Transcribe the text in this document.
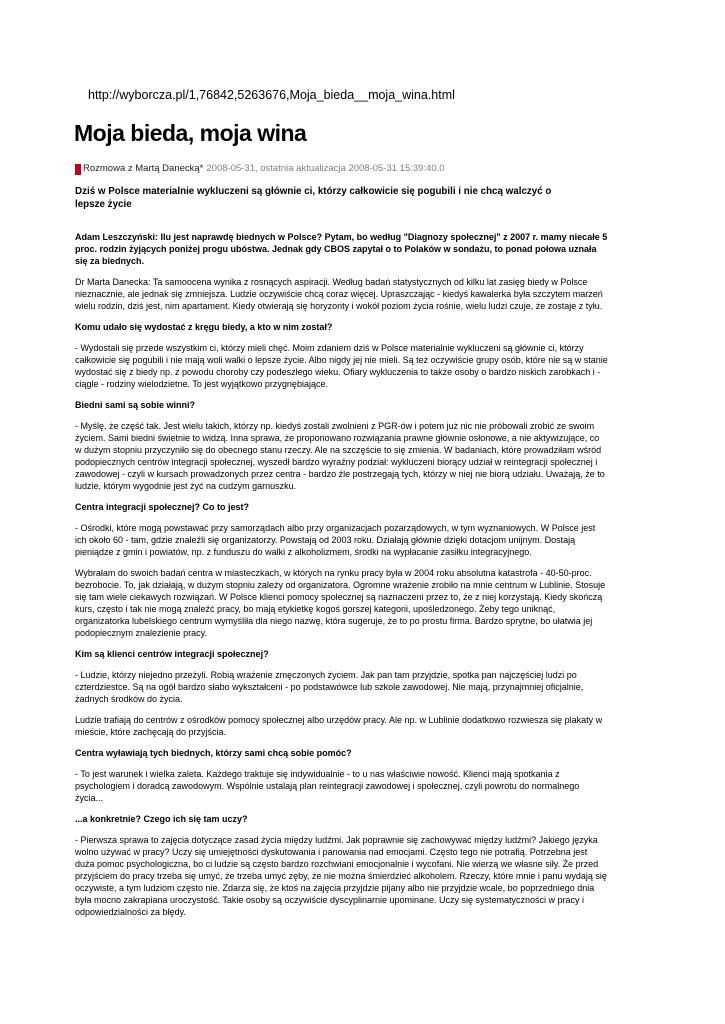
http://wyborcza.pl/1,76842,5263676,Moja_bieda__moja_wina.html
Moja bieda, moja wina
Rozmowa z Martą Danecką* 2008-05-31, ostatnia aktualizacja 2008-05-31 15:39:40.0

Dziś w Polsce materialnie wykluczeni są głównie ci, którzy całkowicie się pogubili i nie chcą walczyć o
lepsze życie

Adam Leszczyński: Ilu jest naprawdę biednych w Polsce? Pytam, bo według "Diagnozy społecznej" z 2007 r. mamy niecałe 5
proc. rodzin żyjących poniżej progu ubóstwa. Jednak gdy CBOS zapytał o to Polaków w sondażu, to ponad połowa uznała
się za biednych.

Dr Marta Danecka: Ta samoocena wynika z rosnących aspiracji. Według badań statystycznych od kilku lat zasięg biedy w Polsce
nieznacznie, ale jednak się zmniejsza. Ludzie oczywiście chcą coraz więcej. Upraszczając - kiedyś kawalerka była szczytem marzeń
wielu rodzin, dziś jest, nim apartament. Kiedy otwierają się horyzonty i wokół poziom życia rośnie, wielu ludzi czuje, że zostaje z tyłu.

Komu udało się wydostać z kręgu biedy, a kto w nim został?

- Wydostali się przede wszystkim ci, którzy mieli chęć. Moim zdaniem dziś w Polsce materialnie wykluczeni są głównie ci, którzy
całkowicie się pogubili i nie mają woli walki o lepsze życie. Albo nigdy jej nie mieli. Są też oczywiście grupy osób, które nie są w stanie
wydostać się z biedy np. z powodu choroby czy podeszłego wieku. Ofiary wykluczenia to także osoby o bardzo niskich zarobkach i -
ciągle - rodziny wielodzietne. To jest wyjątkowo przygnębiające.

Biedni sami są sobie winni?

- Myślę, że część tak. Jest wielu takich, którzy np. kiedyś zostali zwolnieni z PGR-ów i potem już nic nie próbowali zrobić ze swoim
życiem. Sami biedni świetnie to widzą. Inna sprawa, że proponowano rozwiązania prawne głównie osłonowe, a nie aktywizujące, co
w dużym stopniu przyczyniło się do obecnego stanu rzeczy. Ale na szczęście to się zmienia. W badaniach, które prowadziłam wśród
podopiecznych centrów integracji społecznej, wyszedł bardzo wyraźny podział: wykluczeni biorący udział w reintegracji społecznej i
zawodowej - czyli w kursach prowadzonych przez centra - bardzo źle postrzegają tych, którzy w niej nie biorą udziału. Uważają, że to
ludzie, którym wygodnie jest żyć na cudzym garnuszku.

Centra integracji społecznej? Co to jest?

- Ośrodki, które mogą powstawać przy samorządach albo przy organizacjach pozarządowych, w tym wyznaniowych. W Polsce jest
ich około 60 - tam, gdzie znaleźli się organizatorzy. Powstają od 2003 roku. Działają głównie dzięki dotacjom unijnym. Dostają
pieniądze z gmin i powiatów, np. z funduszu do walki z alkoholizmem, środki na wypłacanie zasiłku integracyjnego.

Wybrałam do swoich badań centra w miasteczkach, w których na rynku pracy była w 2004 roku absolutna katastrofa - 40-50-proc.
bezrobocie. To, jak działają, w dużym stopniu zależy od organizatora. Ogromne wrażenie zrobiło na mnie centrum w Lublinie. Stosuje
się tam wiele ciekawych rozwiązań. W Polsce klienci pomocy społecznej są naznaczeni przez to, że z niej korzystają. Kiedy skończą
kurs, często i tak nie mogą znaleźć pracy, bo mają etykietkę kogoś gorszej kategorii, upośledzonego. Żeby tego uniknąć,
organizatorka lubelskiego centrum wymyśliła dla niego nazwę, która sugeruje, że to po prostu firma. Bardzo sprytne, bo ułatwia jej
podopiecznym znalezienie pracy.

Kim są klienci centrów integracji społecznej?

- Ludzie, którzy niejedno przeżyli. Robią wrażenie zmęczonych życiem. Jak pan tam przyjdzie, spotka pan najczęściej ludzi po
czterdziestce. Są na ogół bardzo słabo wykształceni - po podstawówce lub szkole zawodowej. Nie mają, przynajmniej oficjalnie,
żadnych środków do życia.

Ludzie trafiają do centrów z ośrodków pomocy społecznej albo urzędów pracy. Ale np. w Lublinie dodatkowo rozwiesza się plakaty w
mieście, które zachęcają do przyjścia.

Centra wyławiają tych biednych, którzy sami chcą sobie pomóc?

- To jest warunek i wielka zaleta. Każdego traktuje się indywidualnie - to u nas właściwie nowość. Klienci mają spotkania z
psychologiem i doradcą zawodowym. Wspólnie ustalają plan reintegracji zawodowej i społecznej, czyli powrotu do normalnego
życia...

...a konkretnie? Czego ich się tam uczy?

- Pierwsza sprawa to zajęcia dotyczące zasad życia między ludźmi. Jak poprawnie się zachowywać między ludźmi? Jakiego języka
wolno używać w pracy? Uczy się umiejętności dyskutowania i panowania nad emocjami. Często tego nie potrafią. Potrzebna jest
duża pomoc psychologiczna, bo ci ludzie są często bardzo rozchwiani emocjonalnie i wycofani. Nie wierzą we własne siły. Że przed
przyjściem do pracy trzeba się umyć, że trzeba umyć zęby, że nie można śmierdzieć alkoholem. Rzeczy, które mnie i panu wydają się
oczywiste, a tym ludziom często nie. Zdarza się, że ktoś na zajęcia przyjdzie pijany albo nie przyjdzie wcale, bo poprzedniego dnia
była mocno zakrapiana uroczystość. Takie osoby są oczywiście dyscyplinarnie upominane. Uczy się systematyczności w pracy i
odpowiedzialności za błędy.
